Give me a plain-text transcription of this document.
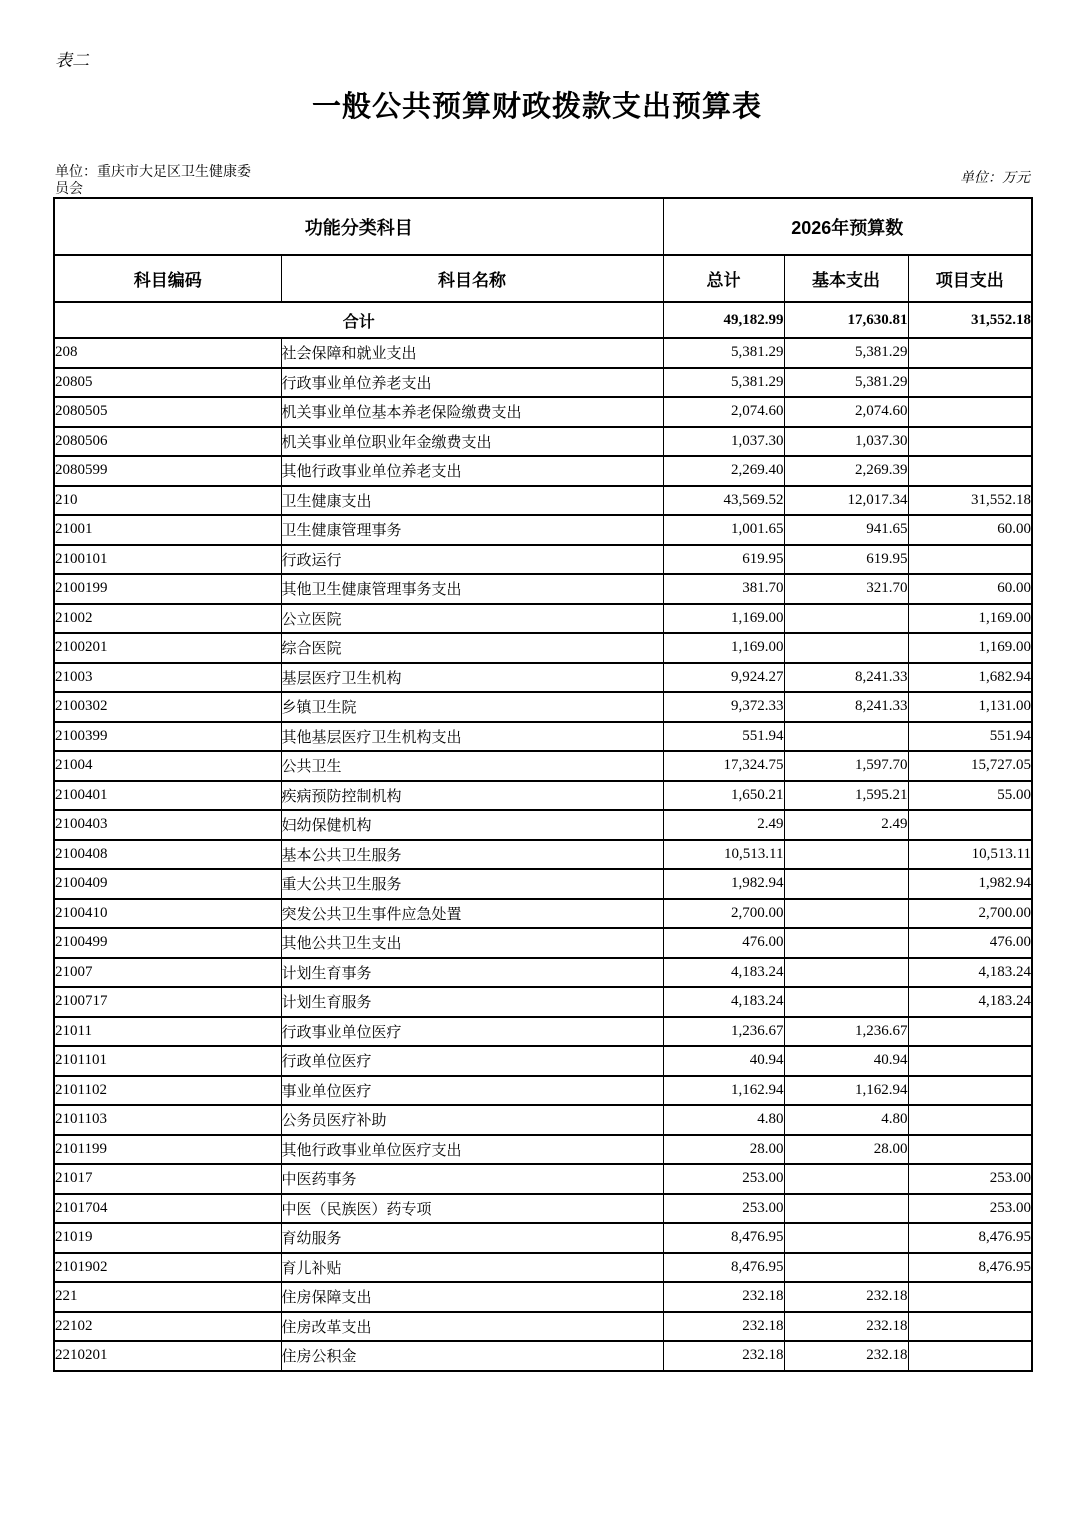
表二
一般公共预算财政拨款支出预算表
单位：重庆市大足区卫生健康委员会
单位：万元
功能分类科目		2026年预算数		
科目编码	科目名称	总计	基本支出	项目支出
合计		49,182.99	17,630.81	31,552.18
208	社会保障和就业支出	5,381.29	5,381.29	
20805	行政事业单位养老支出	5,381.29	5,381.29	
2080505	机关事业单位基本养老保险缴费支出	2,074.60	2,074.60	
2080506	机关事业单位职业年金缴费支出	1,037.30	1,037.30	
2080599	其他行政事业单位养老支出	2,269.40	2,269.39	
210	卫生健康支出	43,569.52	12,017.34	31,552.18
21001	卫生健康管理事务	1,001.65	941.65	60.00
2100101	行政运行	619.95	619.95	
2100199	其他卫生健康管理事务支出	381.70	321.70	60.00
21002	公立医院	1,169.00		1,169.00
2100201	综合医院	1,169.00		1,169.00
21003	基层医疗卫生机构	9,924.27	8,241.33	1,682.94
2100302	乡镇卫生院	9,372.33	8,241.33	1,131.00
2100399	其他基层医疗卫生机构支出	551.94		551.94
21004	公共卫生	17,324.75	1,597.70	15,727.05
2100401	疾病预防控制机构	1,650.21	1,595.21	55.00
2100403	妇幼保健机构	2.49	2.49	
2100408	基本公共卫生服务	10,513.11		10,513.11
2100409	重大公共卫生服务	1,982.94		1,982.94
2100410	突发公共卫生事件应急处置	2,700.00		2,700.00
2100499	其他公共卫生支出	476.00		476.00
21007	计划生育事务	4,183.24		4,183.24
2100717	计划生育服务	4,183.24		4,183.24
21011	行政事业单位医疗	1,236.67	1,236.67	
2101101	行政单位医疗	40.94	40.94	
2101102	事业单位医疗	1,162.94	1,162.94	
2101103	公务员医疗补助	4.80	4.80	
2101199	其他行政事业单位医疗支出	28.00	28.00	
21017	中医药事务	253.00		253.00
2101704	中医（民族医）药专项	253.00		253.00
21019	育幼服务	8,476.95		8,476.95
2101902	育儿补贴	8,476.95		8,476.95
221	住房保障支出	232.18	232.18	
22102	住房改革支出	232.18	232.18	
2210201	住房公积金	232.18	232.18	
